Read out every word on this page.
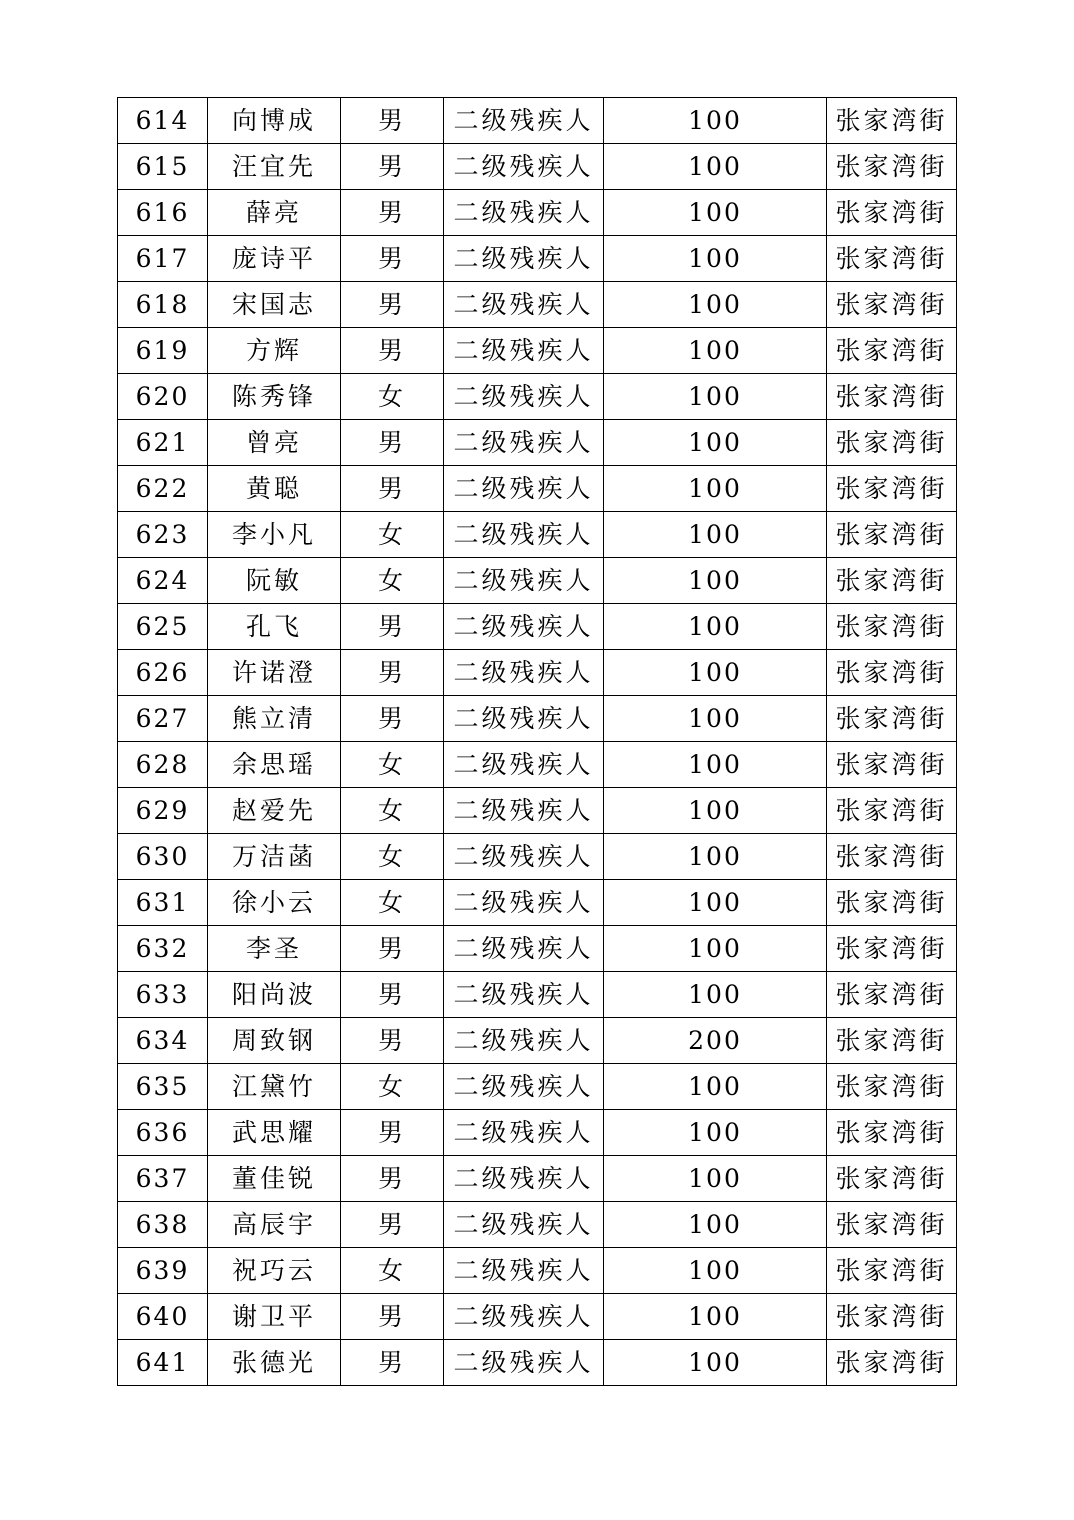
614	向博成	男	二级残疾人	100	张家湾街
615	汪宜先	男	二级残疾人	100	张家湾街
616	薛亮	男	二级残疾人	100	张家湾街
617	庞诗平	男	二级残疾人	100	张家湾街
618	宋国志	男	二级残疾人	100	张家湾街
619	方辉	男	二级残疾人	100	张家湾街
620	陈秀锋	女	二级残疾人	100	张家湾街
621	曾亮	男	二级残疾人	100	张家湾街
622	黄聪	男	二级残疾人	100	张家湾街
623	李小凡	女	二级残疾人	100	张家湾街
624	阮敏	女	二级残疾人	100	张家湾街
625	孔飞	男	二级残疾人	100	张家湾街
626	许诺澄	男	二级残疾人	100	张家湾街
627	熊立清	男	二级残疾人	100	张家湾街
628	余思瑶	女	二级残疾人	100	张家湾街
629	赵爱先	女	二级残疾人	100	张家湾街
630	万洁菡	女	二级残疾人	100	张家湾街
631	徐小云	女	二级残疾人	100	张家湾街
632	李圣	男	二级残疾人	100	张家湾街
633	阳尚波	男	二级残疾人	100	张家湾街
634	周致钢	男	二级残疾人	200	张家湾街
635	江黛竹	女	二级残疾人	100	张家湾街
636	武思耀	男	二级残疾人	100	张家湾街
637	董佳锐	男	二级残疾人	100	张家湾街
638	高辰宇	男	二级残疾人	100	张家湾街
639	祝巧云	女	二级残疾人	100	张家湾街
640	谢卫平	男	二级残疾人	100	张家湾街
641	张德光	男	二级残疾人	100	张家湾街
